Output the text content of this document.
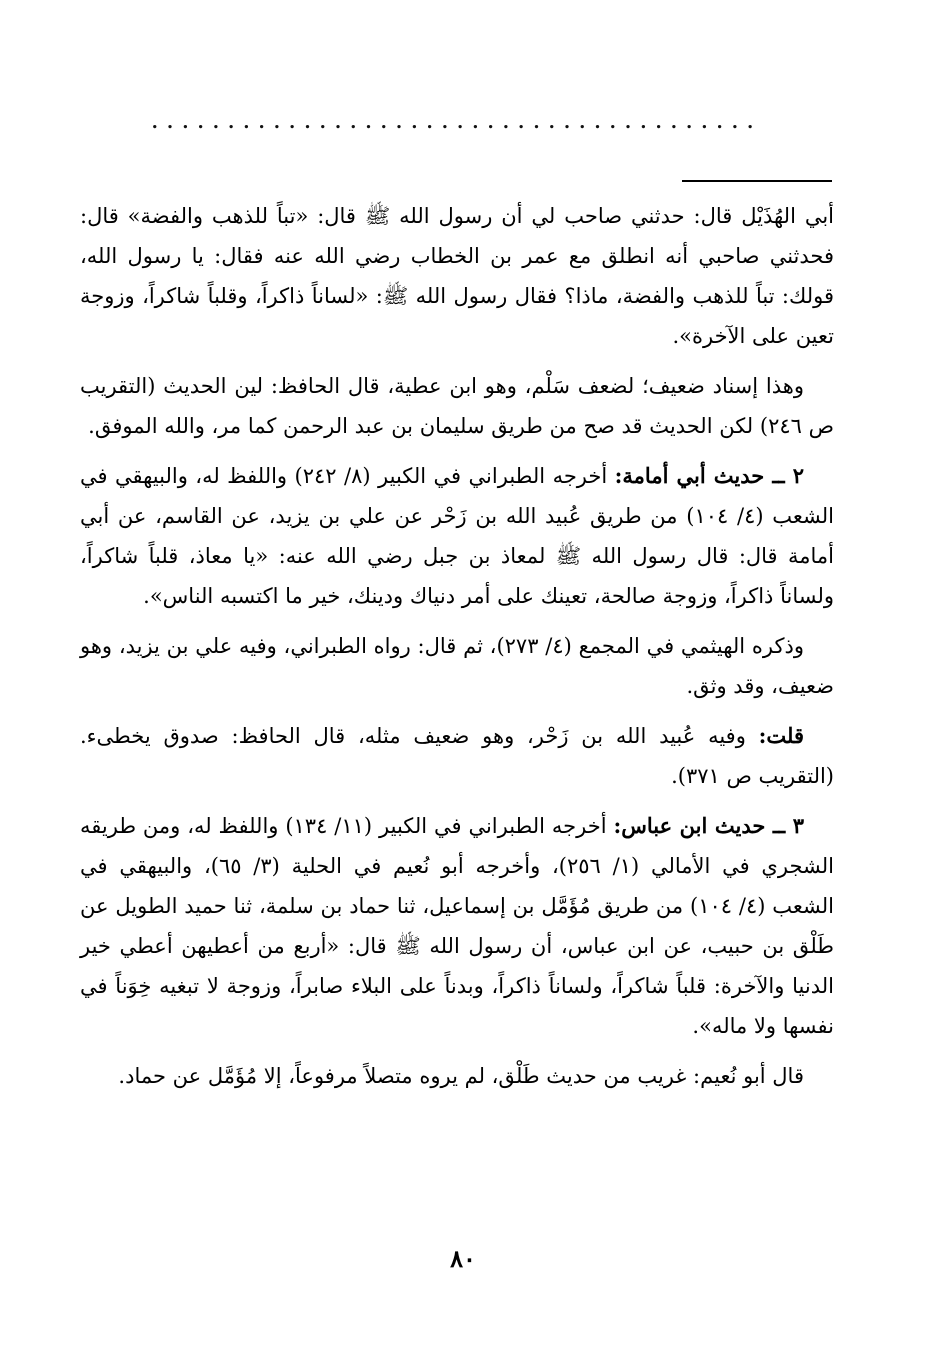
........................................

أبي الهُذَيْل قال: حدثني صاحب لي أن رسول الله ﷺ قال: «تباً للذهب والفضة» قال: فحدثني صاحبي أنه انطلق مع عمر بن الخطاب رضي الله عنه فقال: يا رسول الله، قولك: تباً للذهب والفضة، ماذا؟ فقال رسول الله ﷺ: «لساناً ذاكراً، وقلباً شاكراً، وزوجة تعين على الآخرة».

وهذا إسناد ضعيف؛ لضعف سَلْم، وهو ابن عطية، قال الحافظ: لين الحديث (التقريب ص ٢٤٦) لكن الحديث قد صح من طريق سليمان بن عبد الرحمن كما مر، والله الموفق.

٢ ــ حديث أبي أمامة: أخرجه الطبراني في الكبير (٨/ ٢٤٢) واللفظ له، والبيهقي في الشعب (٤/ ١٠٤) من طريق عُبيد الله بن زَحْر عن علي بن يزيد، عن القاسم، عن أبي أمامة قال: قال رسول الله ﷺ لمعاذ بن جبل رضي الله عنه: «يا معاذ، قلباً شاكراً، ولساناً ذاكراً، وزوجة صالحة، تعينك على أمر دنياك ودينك، خير ما اكتسبه الناس».

وذكره الهيثمي في المجمع (٤/ ٢٧٣)، ثم قال: رواه الطبراني، وفيه علي بن يزيد، وهو ضعيف، وقد وثق.

قلت: وفيه عُبيد الله بن زَحْر، وهو ضعيف مثله، قال الحافظ: صدوق يخطىء. (التقريب ص ٣٧١).

٣ ــ حديث ابن عباس: أخرجه الطبراني في الكبير (١١/ ١٣٤) واللفظ له، ومن طريقه الشجري في الأمالي (١/ ٢٥٦)، وأخرجه أبو نُعيم في الحلية (٣/ ٦٥)، والبيهقي في الشعب (٤/ ١٠٤) من طريق مُؤَمَّل بن إسماعيل، ثنا حماد بن سلمة، ثنا حميد الطويل عن طَلْق بن حبيب، عن ابن عباس، أن رسول الله ﷺ قال: «أربع من أعطيهن أعطي خير الدنيا والآخرة: قلباً شاكراً، ولساناً ذاكراً، وبدناً على البلاء صابراً، وزوجة لا تبغيه خِوَناً في نفسها ولا ماله».

قال أبو نُعيم: غريب من حديث طَلْق، لم يروه متصلاً مرفوعاً، إلا مُؤَمَّل عن حماد.

٨٠
